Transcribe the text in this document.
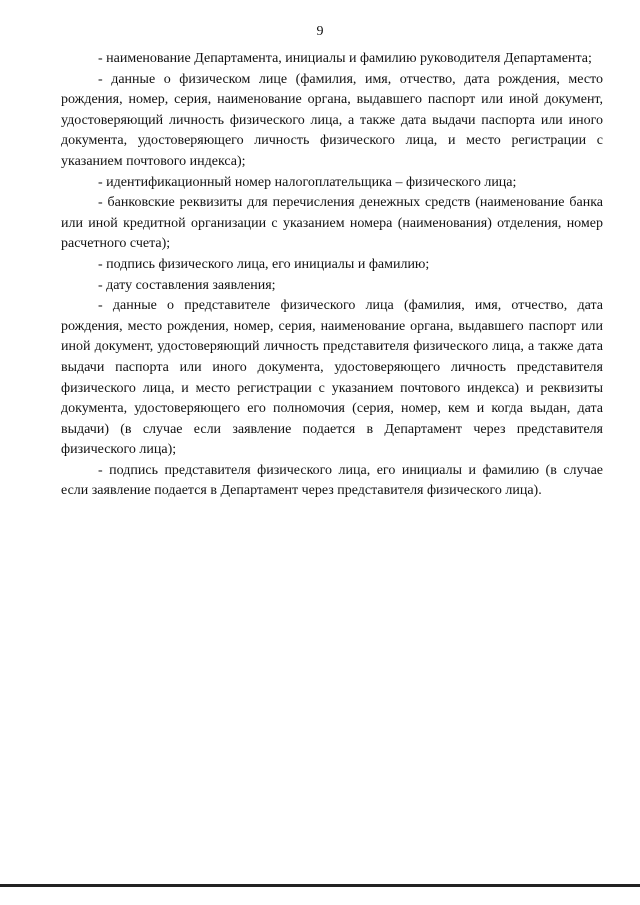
9

- наименование Департамента, инициалы и фамилию руководителя Департамента;

- данные о физическом лице (фамилия, имя, отчество, дата рождения, место рождения, номер, серия, наименование органа, выдавшего паспорт или иной документ, удостоверяющий личность физического лица, а также дата выдачи паспорта или иного документа, удостоверяющего личность физического лица, и место регистрации с указанием почтового индекса);

- идентификационный номер налогоплательщика – физического лица;

- банковские реквизиты для перечисления денежных средств (наименование банка или иной кредитной организации с указанием номера (наименования) отделения, номер расчетного счета);

- подпись физического лица, его инициалы и фамилию;

- дату составления заявления;

- данные о представителе физического лица (фамилия, имя, отчество, дата рождения, место рождения, номер, серия, наименование органа, выдавшего паспорт или иной документ, удостоверяющий личность представителя физического лица, а также дата выдачи паспорта или иного документа, удостоверяющего личность представителя физического лица, и место регистрации с указанием почтового индекса) и реквизиты документа, удостоверяющего его полномочия (серия, номер, кем и когда выдан, дата выдачи) (в случае если заявление подается в Департамент через представителя физического лица);

- подпись представителя физического лица, его инициалы и фамилию (в случае если заявление подается в Департамент через представителя физического лица).
